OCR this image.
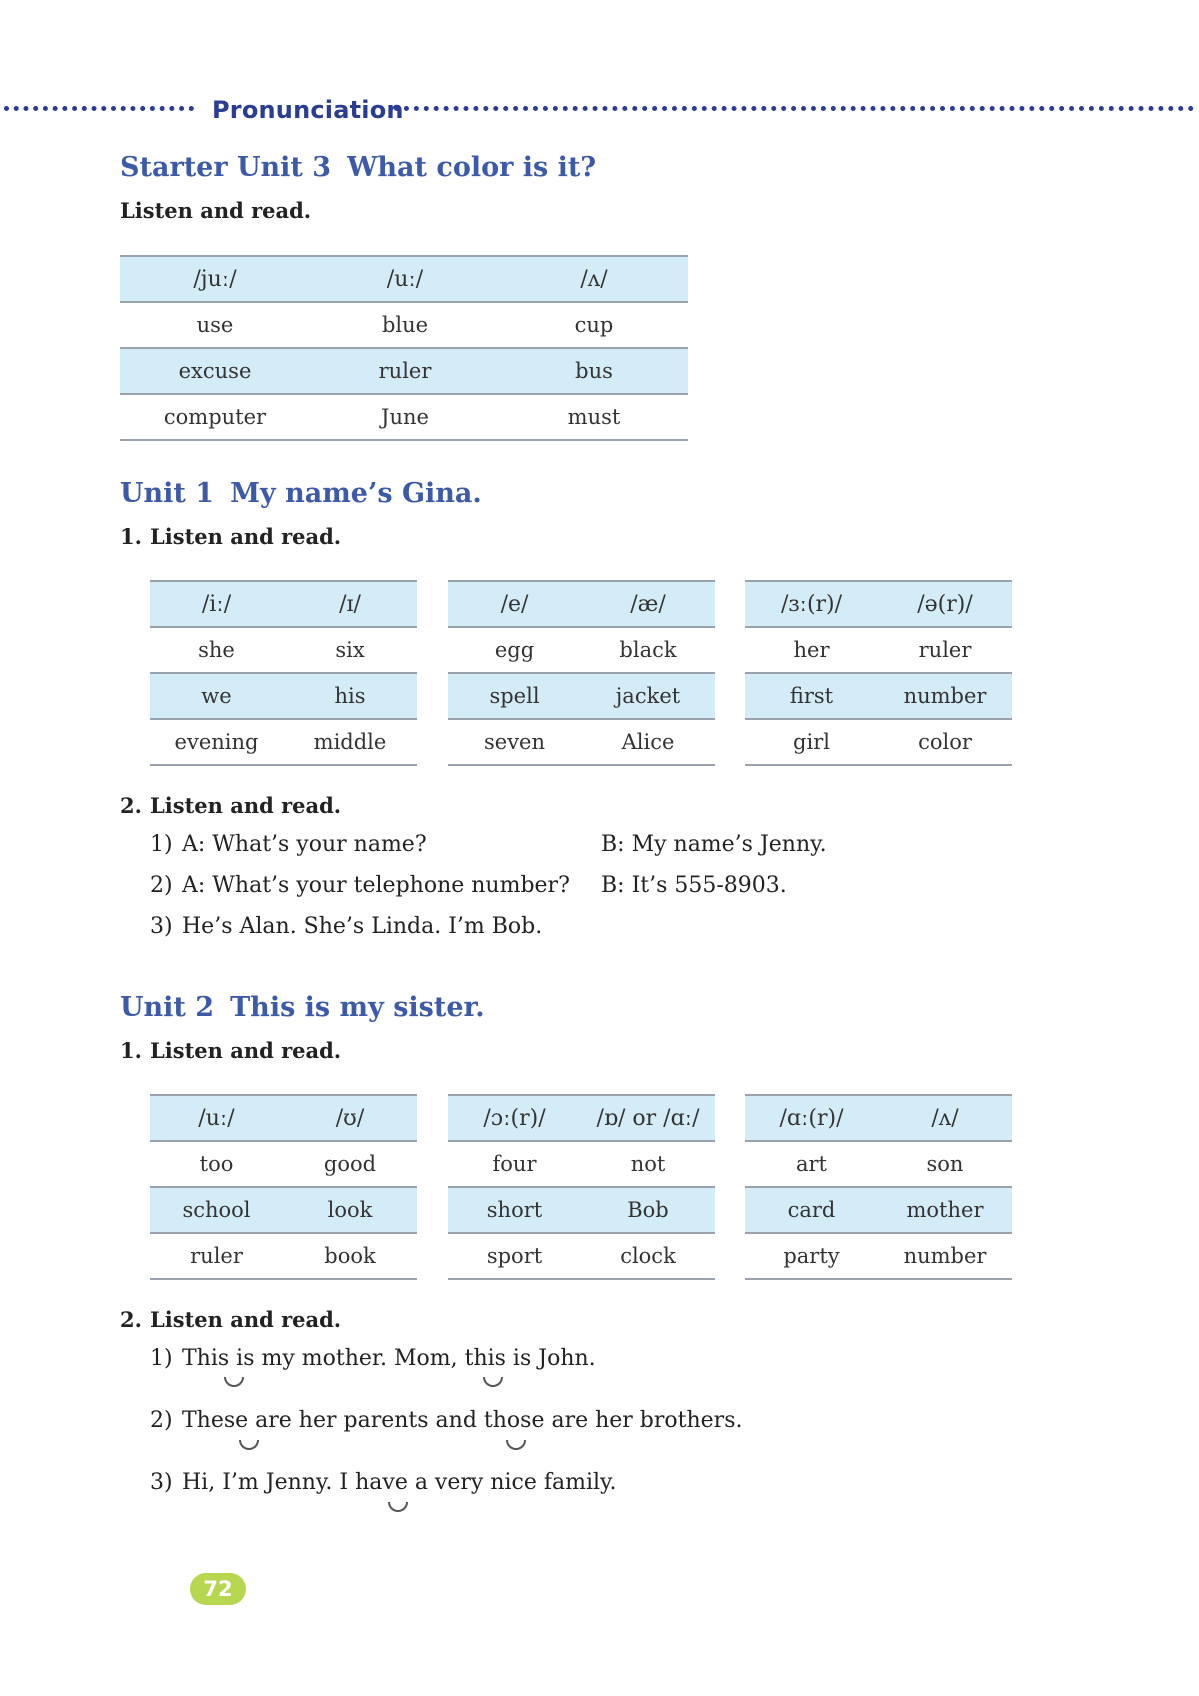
Pronunciation
Starter Unit 3 What color is it?
Listen and read.
/juː/	/uː/	/ʌ/
use	blue	cup
excuse	ruler	bus
computer	June	must
Unit 1 My name’s Gina.
1. Listen and read.
/iː/	/ɪ/
she	six
we	his
evening	middle
/e/	/æ/
egg	black
spell	jacket
seven	Alice
/ɜː(r)/	/ə(r)/
her	ruler
first	number
girl	color
2. Listen and read.
1) A: What’s your name?	B: My name’s Jenny.
2) A: What’s your telephone number? B: It’s 555-8903.
3) He’s Alan. She’s Linda. I’m Bob.
Unit 2 This is my sister.
1. Listen and read.
/uː/	/ʊ/
too	good
school	look
ruler	book
/ɔː(r)/	/ɒ/ or /ɑː/
four	not
short	Bob
sport	clock
/ɑː(r)/	/ʌ/
art	son
card	mother
party	number
2. Listen and read.
1) This is my mother. Mom, this is John.
2) These are her parents and those are her brothers.
3) Hi, I’m Jenny. I have a very nice family.
72
